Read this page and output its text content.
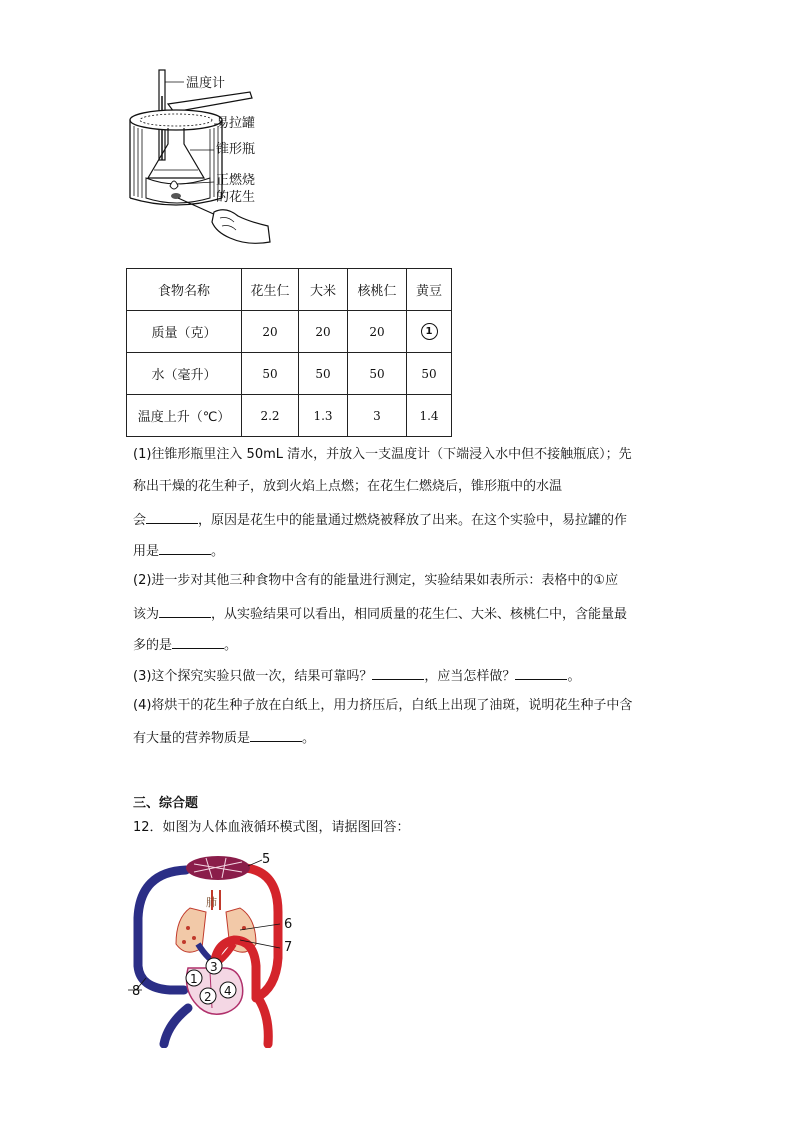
温度计
易拉罐
锥形瓶
正燃烧
的花生
食物名称	花生仁	大米	核桃仁	黄豆
质量（克）	20	20	20	1
水（毫升）	50	50	50	50
温度上升（℃）	2.2	1.3	3	1.4
(1)往锥形瓶里注入 50mL 清水，并放入一支温度计（下端浸入水中但不接触瓶底）；先
称出干燥的花生种子，放到火焰上点燃；在花生仁燃烧后，锥形瓶中的水温
会	，原因是花生中的能量通过燃烧被释放了出来。在这个实验中，易拉罐的作
用是	。
(2)进一步对其他三种食物中含有的能量进行测定，实验结果如表所示：表格中的①应
该为	，从实验结果可以看出，相同质量的花生仁、大米、核桃仁中，含能量最
多的是	。
(3)这个探究实验只做一次，结果可靠吗？	，应当怎样做？	。
(4)将烘干的花生种子放在白纸上，用力挤压后，白纸上出现了油斑，说明花生种子中含
有大量的营养物质是	。
三、综合题
12．如图为人体血液循环模式图，请据图回答：
1
2
3
4
5
6
7
8
肺
